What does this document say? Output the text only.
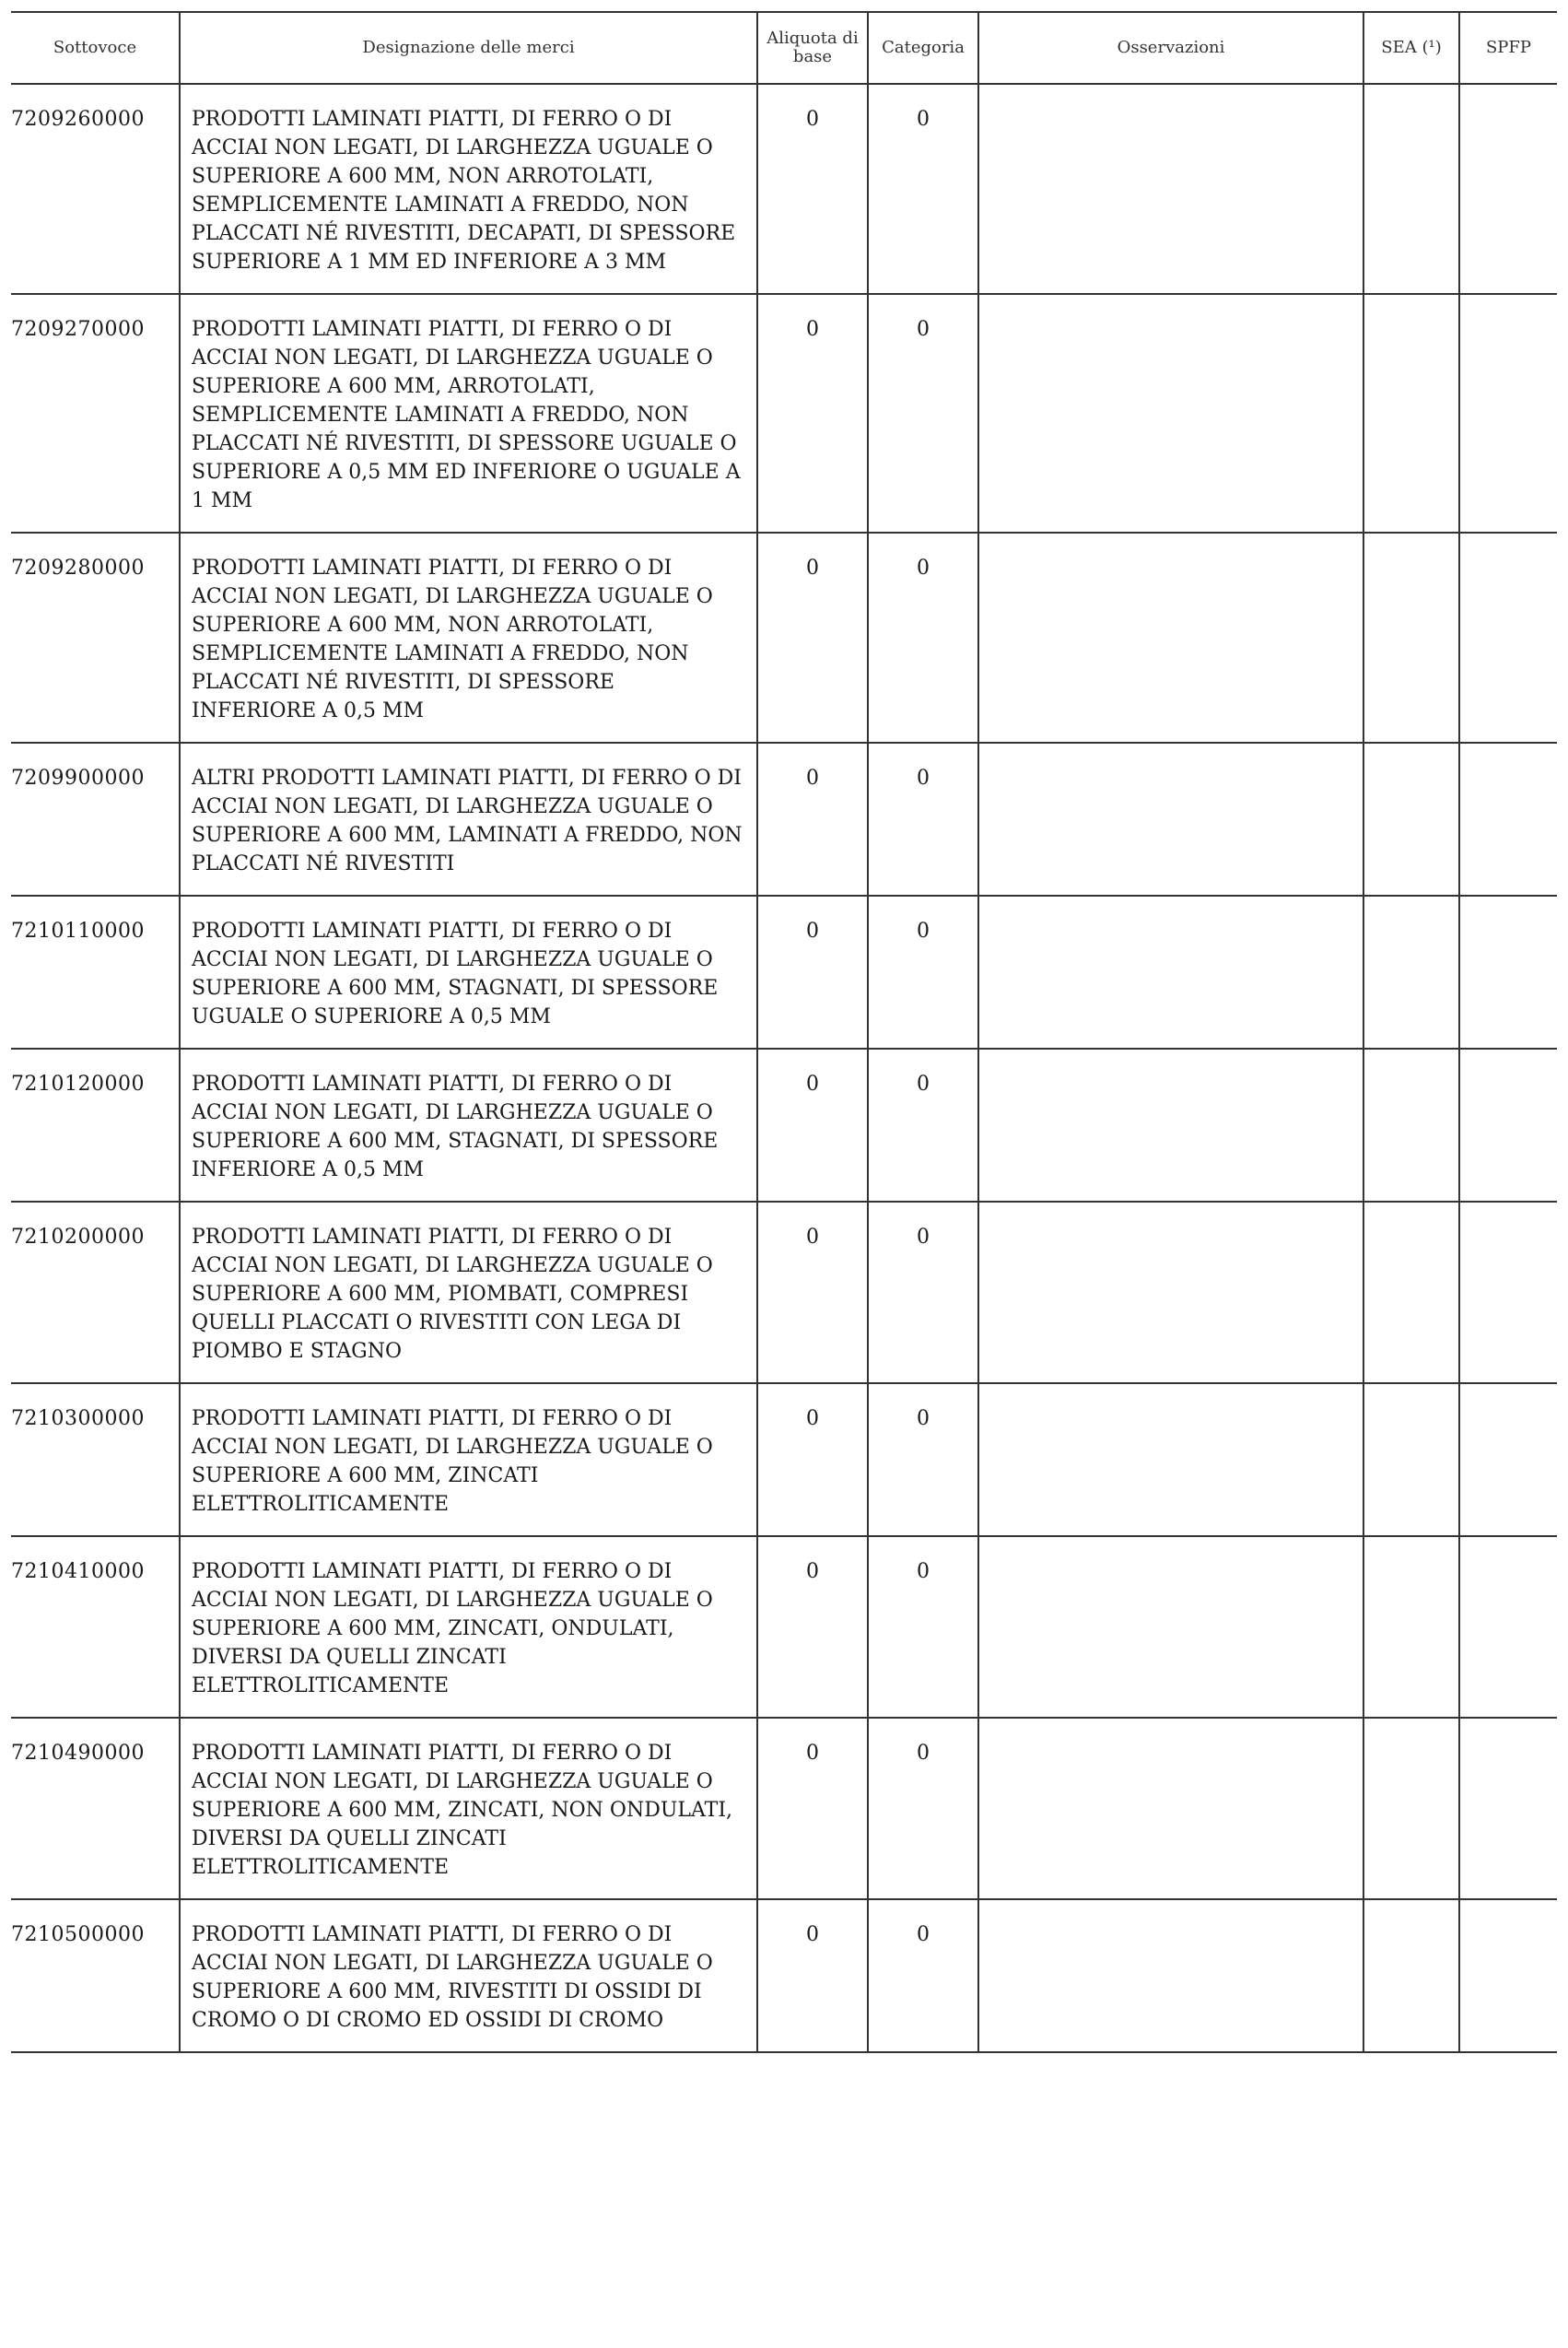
Sottovoce	Designazione delle merci	Aliquota di base	Categoria	Osservazioni	SEA (¹)	SPFP
7209260000	PRODOTTI LAMINATI PIATTI, DI FERRO O DI ACCIAI NON LEGATI, DI LARGHEZZA UGUALE O SUPERIORE A 600 MM, NON ARROTOLATI, SEMPLICEMENTE LAMINATI A FREDDO, NON PLACCATI NÉ RIVESTITI, DECAPATI, DI SPESSORE SUPERIORE A 1 MM ED INFERIORE A 3 MM	0	0			
7209270000	PRODOTTI LAMINATI PIATTI, DI FERRO O DI ACCIAI NON LEGATI, DI LARGHEZZA UGUALE O SUPERIORE A 600 MM, ARROTOLATI, SEMPLICEMENTE LAMINATI A FREDDO, NON PLACCATI NÉ RIVESTITI, DI SPESSORE UGUALE O SUPERIORE A 0,5 MM ED INFERIORE O UGUALE A 1 MM	0	0			
7209280000	PRODOTTI LAMINATI PIATTI, DI FERRO O DI ACCIAI NON LEGATI, DI LARGHEZZA UGUALE O SUPERIORE A 600 MM, NON ARROTOLATI, SEMPLICEMENTE LAMINATI A FREDDO, NON PLACCATI NÉ RIVESTITI, DI SPESSORE INFERIORE A 0,5 MM	0	0			
7209900000	ALTRI PRODOTTI LAMINATI PIATTI, DI FERRO O DI ACCIAI NON LEGATI, DI LARGHEZZA UGUALE O SUPERIORE A 600 MM, LAMINATI A FREDDO, NON PLACCATI NÉ RIVESTITI	0	0			
7210110000	PRODOTTI LAMINATI PIATTI, DI FERRO O DI ACCIAI NON LEGATI, DI LARGHEZZA UGUALE O SUPERIORE A 600 MM, STAGNATI, DI SPESSORE UGUALE O SUPERIORE A 0,5 MM	0	0			
7210120000	PRODOTTI LAMINATI PIATTI, DI FERRO O DI ACCIAI NON LEGATI, DI LARGHEZZA UGUALE O SUPERIORE A 600 MM, STAGNATI, DI SPESSORE INFERIORE A 0,5 MM	0	0			
7210200000	PRODOTTI LAMINATI PIATTI, DI FERRO O DI ACCIAI NON LEGATI, DI LARGHEZZA UGUALE O SUPERIORE A 600 MM, PIOMBATI, COMPRESI QUELLI PLACCATI O RIVESTITI CON LEGA DI PIOMBO E STAGNO	0	0			
7210300000	PRODOTTI LAMINATI PIATTI, DI FERRO O DI ACCIAI NON LEGATI, DI LARGHEZZA UGUALE O SUPERIORE A 600 MM, ZINCATI ELETTROLITICAMENTE	0	0			
7210410000	PRODOTTI LAMINATI PIATTI, DI FERRO O DI ACCIAI NON LEGATI, DI LARGHEZZA UGUALE O SUPERIORE A 600 MM, ZINCATI, ONDULATI, DIVERSI DA QUELLI ZINCATI ELETTROLITICAMENTE	0	0			
7210490000	PRODOTTI LAMINATI PIATTI, DI FERRO O DI ACCIAI NON LEGATI, DI LARGHEZZA UGUALE O SUPERIORE A 600 MM, ZINCATI, NON ONDULATI, DIVERSI DA QUELLI ZINCATI ELETTROLITICAMENTE	0	0			
7210500000	PRODOTTI LAMINATI PIATTI, DI FERRO O DI ACCIAI NON LEGATI, DI LARGHEZZA UGUALE O SUPERIORE A 600 MM, RIVESTITI DI OSSIDI DI CROMO O DI CROMO ED OSSIDI DI CROMO	0	0			
